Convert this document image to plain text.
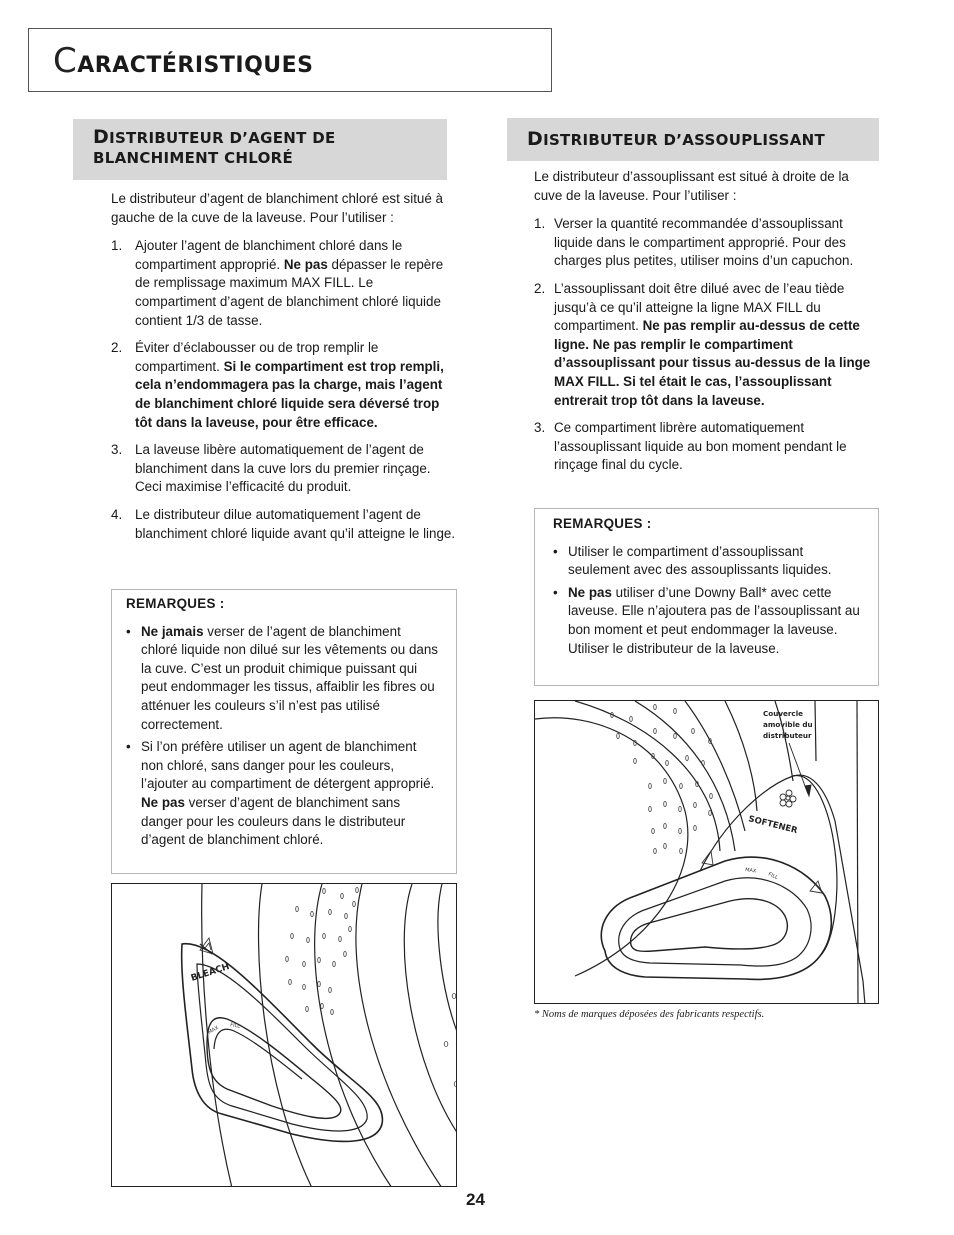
CARACTÉRISTIQUES
DISTRIBUTEUR D’AGENT DE
BLANCHIMENT CHLORÉ

Le distributeur d’agent de blanchiment chloré est situé à gauche de la cuve de la laveuse. Pour l’utiliser :

1. Ajouter l’agent de blanchiment chloré dans le compartiment approprié. Ne pas dépasser le repère de remplissage maximum MAX FILL. Le compartiment d’agent de blanchiment chloré liquide contient 1/3 de tasse.
2. Éviter d’éclabousser ou de trop remplir le compartiment. Si le compartiment est trop rempli, cela n’endommagera pas la charge, mais l’agent de blanchiment chloré liquide sera déversé trop tôt dans la laveuse, pour être efficace.
3. La laveuse libère automatiquement de l’agent de blanchiment dans la cuve lors du premier rinçage. Ceci maximise l’efficacité du produit.
4. Le distributeur dilue automatiquement l’agent de blanchiment chloré liquide avant qu’il atteigne le linge.
REMARQUES :
• Ne jamais verser de l’agent de blanchiment chloré liquide non dilué sur les vêtements ou dans la cuve. C’est un produit chimique puissant qui peut endommager les tissus, affaiblir les fibres ou atténuer les couleurs s’il n’est pas utilisé correctement.
• Si l’on préfère utiliser un agent de blanchiment non chloré, sans danger pour les couleurs, l’ajouter au compartiment de détergent approprié. Ne pas verser d’agent de blanchiment sans danger pour les couleurs dans le distributeur d’agent de blanchiment chloré.
BLEACH
MAX FILL
DISTRIBUTEUR D’ASSOUPLISSANT

Le distributeur d’assouplissant est situé à droite de la cuve de la laveuse. Pour l’utiliser :

1. Verser la quantité recommandée d’assouplissant liquide dans le compartiment approprié. Pour des charges plus petites, utiliser moins d’un capuchon.
2. L’assouplissant doit être dilué avec de l’eau tiède jusqu’à ce qu’il atteigne la ligne MAX FILL du compartiment. Ne pas remplir au-dessus de cette ligne. Ne pas remplir le compartiment d’assouplissant pour tissus au-dessus de la linge MAX FILL. Si tel était le cas, l’assouplissant entrerait trop tôt dans la laveuse.
3. Ce compartiment librère automatiquement l’assouplissant liquide au bon moment pendant le rinçage final du cycle.
REMARQUES :
• Utiliser le compartiment d’assouplissant seulement avec des assouplissants liquides.
• Ne pas utiliser d’une Downy Ball* avec cette laveuse. Elle n’ajoutera pas de l’assouplissant au bon moment et peut endommager la laveuse. Utiliser le distributeur de la laveuse.
SOFTENER
MAX
FILL
Couvercle
amovible du
distributeur
* Noms de marques déposées des fabricants respectifs.
24
